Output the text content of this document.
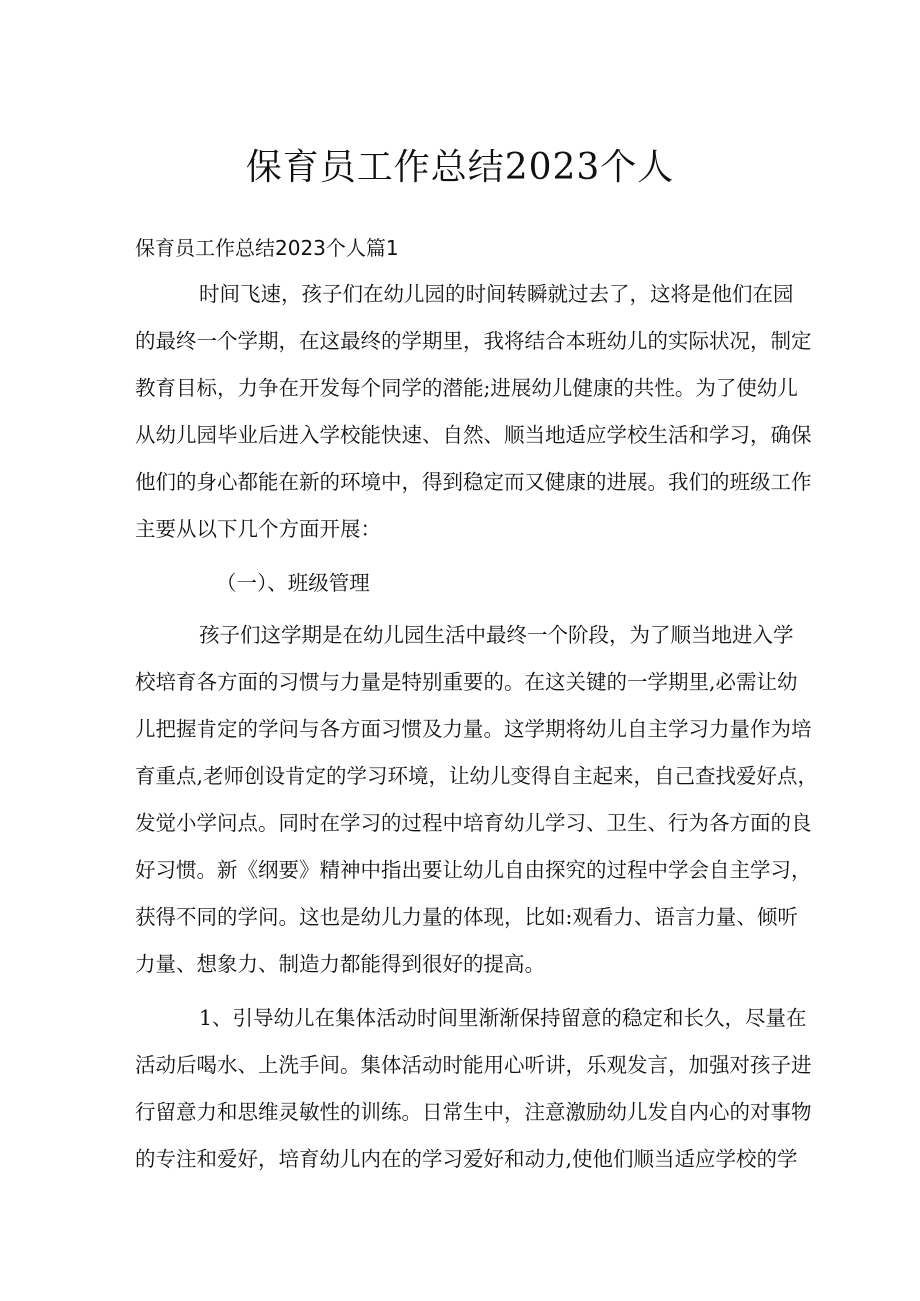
保育员工作总结2023个人

保育员工作总结2023个人篇1

时间飞速，孩子们在幼儿园的时间转瞬就过去了，这将是他们在园

的最终一个学期，在这最终的学期里，我将结合本班幼儿的实际状况，制定

教育目标，力争在开发每个同学的潜能;进展幼儿健康的共性。为了使幼儿

从幼儿园毕业后进入学校能快速、自然、顺当地适应学校生活和学习，确保

他们的身心都能在新的环境中，得到稳定而又健康的进展。我们的班级工作

主要从以下几个方面开展：

（一）、班级管理

孩子们这学期是在幼儿园生活中最终一个阶段，为了顺当地进入学

校培育各方面的习惯与力量是特别重要的。在这关键的一学期里,必需让幼

儿把握肯定的学问与各方面习惯及力量。这学期将幼儿自主学习力量作为培

育重点,老师创设肯定的学习环境，让幼儿变得自主起来，自己查找爱好点，

发觉小学问点。同时在学习的过程中培育幼儿学习、卫生、行为各方面的良

好习惯。新《纲要》精神中指出要让幼儿自由探究的过程中学会自主学习，

获得不同的学问。这也是幼儿力量的体现，比如:观看力、语言力量、倾听

力量、想象力、制造力都能得到很好的提高。

1、引导幼儿在集体活动时间里渐渐保持留意的稳定和长久，尽量在

活动后喝水、上洗手间。集体活动时能用心听讲，乐观发言，加强对孩子进

行留意力和思维灵敏性的训练。日常生中，注意激励幼儿发自内心的对事物

的专注和爱好，培育幼儿内在的学习爱好和动力,使他们顺当适应学校的学
